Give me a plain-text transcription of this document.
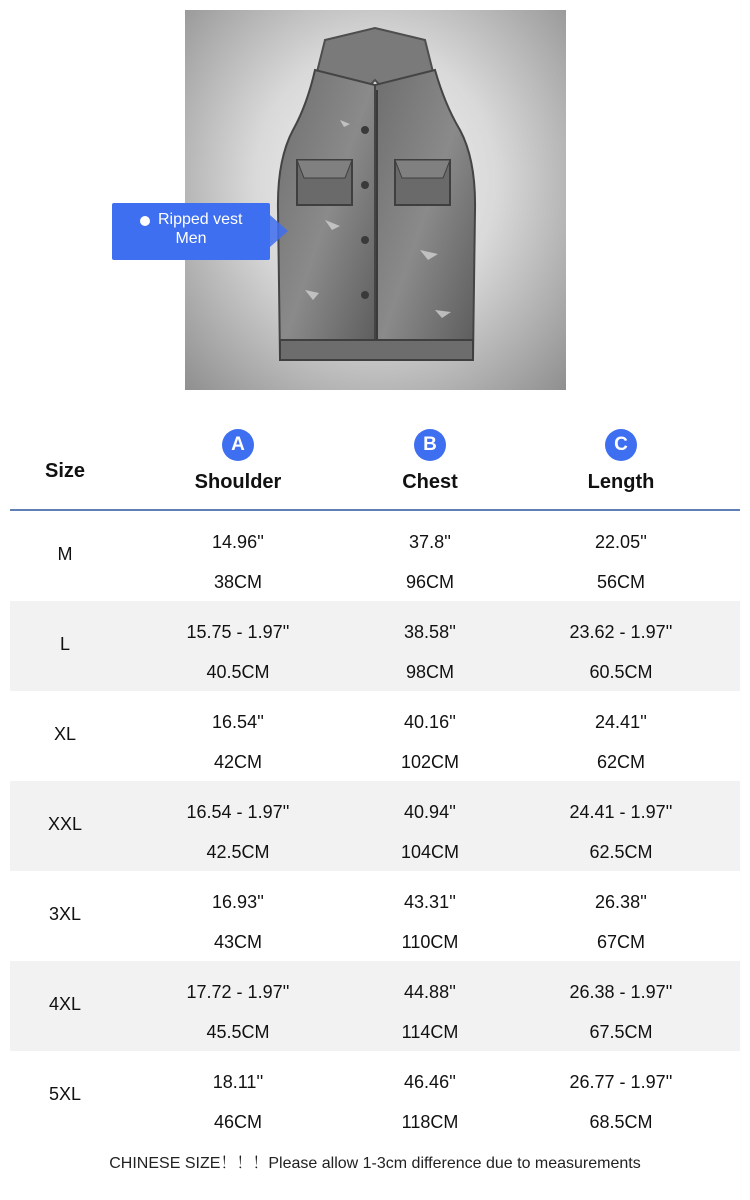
Ripped vest
Men
Size
A
Shoulder
B
Chest
C
Length
M
14.96''
38CM
37.8''
96CM
22.05''
56CM
L
15.75 - 1.97''
40.5CM
38.58''
98CM
23.62 - 1.97''
60.5CM
XL
16.54''
42CM
40.16''
102CM
24.41''
62CM
XXL
16.54 - 1.97''
42.5CM
40.94''
104CM
24.41 - 1.97''
62.5CM
3XL
16.93''
43CM
43.31''
110CM
26.38''
67CM
4XL
17.72 - 1.97''
45.5CM
44.88''
114CM
26.38 - 1.97''
67.5CM
5XL
18.11''
46CM
46.46''
118CM
26.77 - 1.97''
68.5CM
CHINESE SIZE！！！Please allow 1-3cm difference due to measurements
